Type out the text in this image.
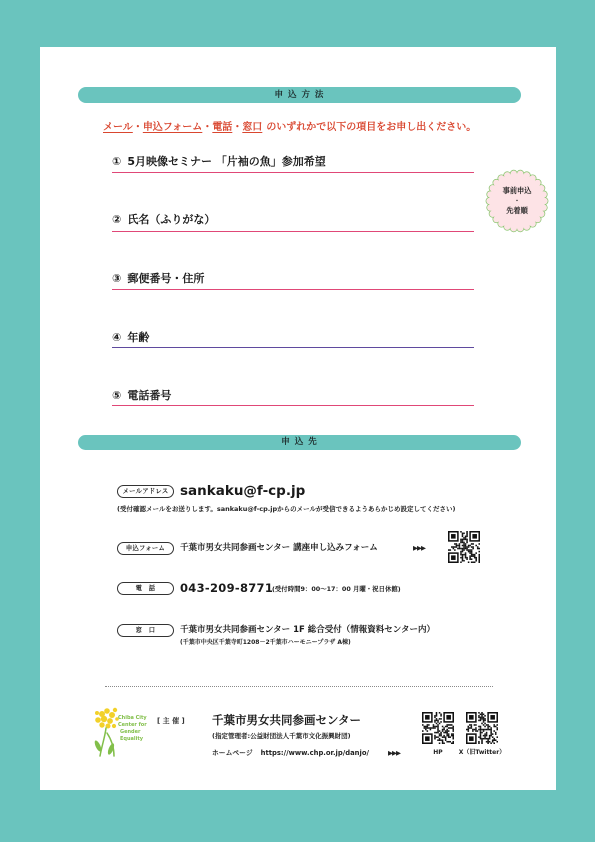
申 込 方 法
メール・申込フォーム・電話・窓口 のいずれかで以下の項目をお申し出ください。
① 5月映像セミナー 「片袖の魚」参加希望
② 氏名（ふりがな）
③ 郵便番号・住所
④ 年齢
⑤ 電話番号
事前申込
・
先着順
申 込 先
メールアドレス sankaku@f-cp.jp
(受付確認メールをお送りします。sankaku@f-cp.jpからのメールが受信できるようあらかじめ設定してください)
申込フォーム	千葉市男女共同参画センター 講座申し込みフォーム	▶▶▶
電　話	043-209-8771
(受付時間9：00～17：00 月曜・祝日休館)
窓　口	千葉市男女共同参画センター 1F 総合受付（情報資料センター内）
(千葉市中央区千葉寺町1208－2千葉市ハーモニープラザ A棟)
Chiba City
Center for
Gender
Equality
[ 主 催 ] 千葉市男女共同参画センター
(指定管理者:公益財団法人千葉市文化振興財団)
ホームページ https://www.chp.or.jp/danjo/	▶▶▶	HP	X（旧Twitter）
